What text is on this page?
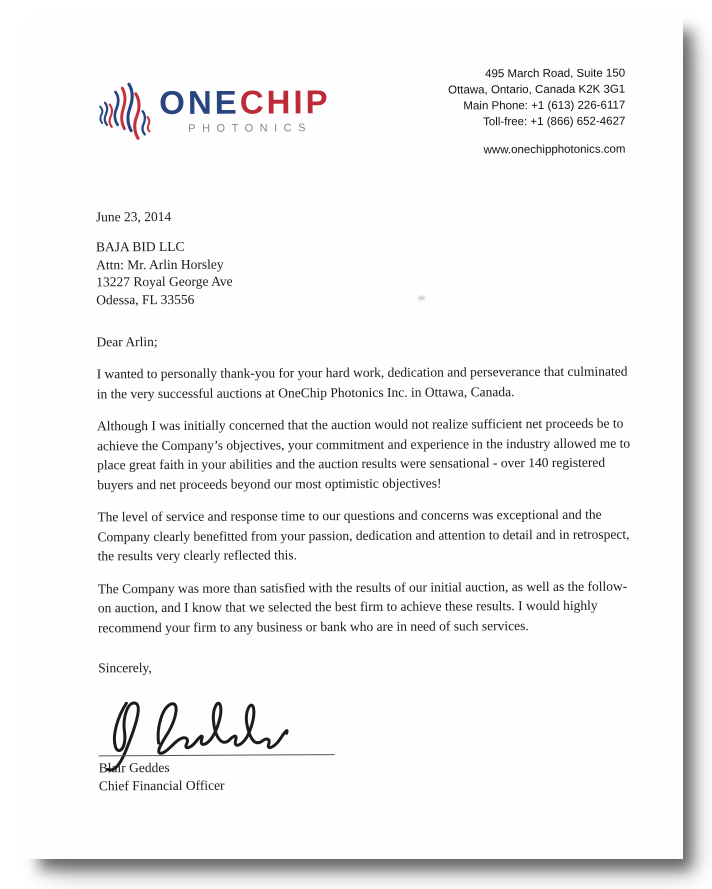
ONECHIP
PHOTONICS
495 March Road, Suite 150
Ottawa, Ontario, Canada K2K 3G1
Main Phone: +1 (613) 226-6117
Toll-free: +1 (866) 652-4627
www.onechipphotonics.com
June 23, 2014
BAJA BID LLC
Attn: Mr. Arlin Horsley
13227 Royal George Ave
Odessa, FL 33556
Dear Arlin;

I wanted to personally thank-you for your hard work, dedication and perseverance that culminated in the very successful auctions at OneChip Photonics Inc. in Ottawa, Canada.

Although I was initially concerned that the auction would not realize sufficient net proceeds be to achieve the Company’s objectives, your commitment and experience in the industry allowed me to place great faith in your abilities and the auction results were sensational - over 140 registered buyers and net proceeds beyond our most optimistic objectives!

The level of service and response time to our questions and concerns was exceptional and the Company clearly benefitted from your passion, dedication and attention to detail and in retrospect, the results very clearly reflected this.

The Company was more than satisfied with the results of our initial auction, as well as the follow-on auction, and I know that we selected the best firm to achieve these results. I would highly recommend your firm to any business or bank who are in need of such services.

Sincerely,
Blair Geddes
Chief Financial Officer
